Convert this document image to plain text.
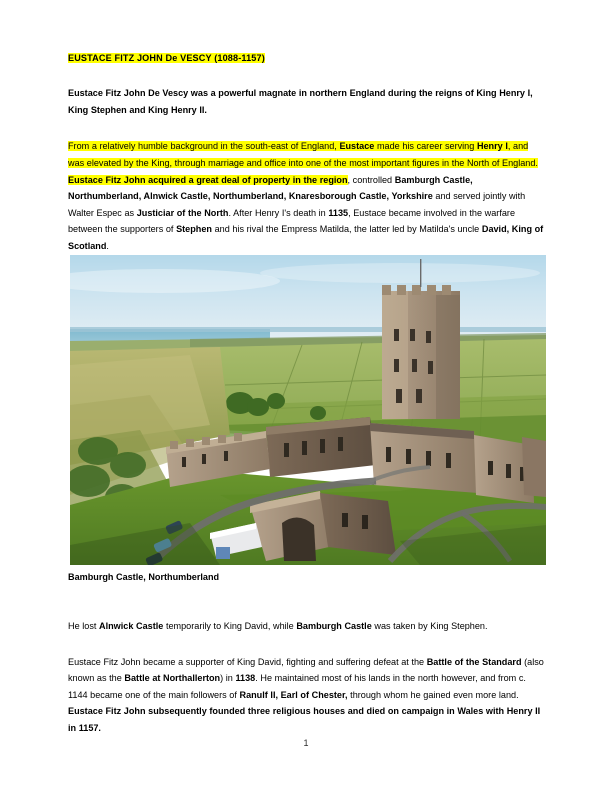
EUSTACE FITZ JOHN De VESCY (1088-1157)

Eustace Fitz John De Vescy was a powerful magnate in northern England during the reigns of King Henry I, King Stephen and King Henry II.

From a relatively humble background in the south-east of England, Eustace made his career serving Henry I, and was elevated by the King, through marriage and office into one of the most important figures in the North of England. Eustace Fitz John acquired a great deal of property in the region, controlled Bamburgh Castle, Northumberland, Alnwick Castle, Northumberland, Knaresborough Castle, Yorkshire and served jointly with Walter Espec as Justiciar of the North. After Henry I's death in 1135, Eustace became involved in the warfare between the supporters of Stephen and his rival the Empress Matilda, the latter led by Matilda's uncle David, King of Scotland.

Bamburgh Castle, Northumberland

He lost Alnwick Castle temporarily to King David, while Bamburgh Castle was taken by King Stephen.

Eustace Fitz John became a supporter of King David, fighting and suffering defeat at the Battle of the Standard (also known as the Battle at Northallerton) in 1138. He maintained most of his lands in the north however, and from c. 1144 became one of the main followers of Ranulf II, Earl of Chester, through whom he gained even more land. Eustace Fitz John subsequently founded three religious houses and died on campaign in Wales with Henry II in 1157.

1
